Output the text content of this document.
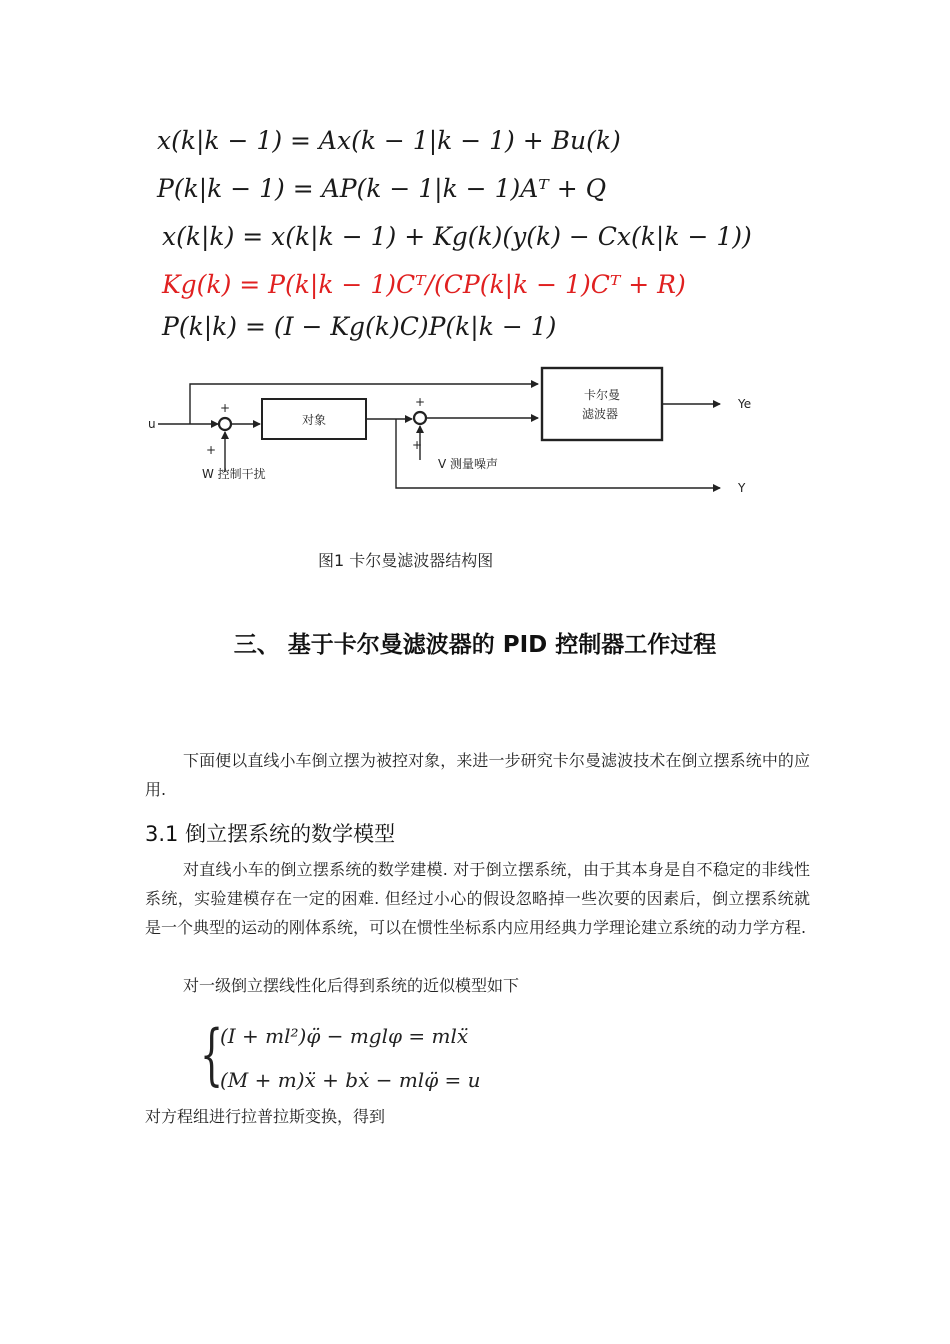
x(k|k − 1) = Ax(k − 1|k − 1) + Bu(k)
P(k|k − 1) = AP(k − 1|k − 1)Aᵀ + Q
x(k|k) = x(k|k − 1) + Kg(k)(y(k) − Cx(k|k − 1))
Kg(k) = P(k|k − 1)Cᵀ/(CP(k|k − 1)Cᵀ + R)
P(k|k) = (I − Kg(k)C)P(k|k − 1)
u
+
+
对象
+
+
卡尔曼
滤波器
Ye
Y
W 控制干扰
V 测量噪声
图1 卡尔曼滤波器结构图
三、 基于卡尔曼滤波器的 PID 控制器工作过程
下面便以直线小车倒立摆为被控对象，来进一步研究卡尔曼滤波技术在倒立摆系统中的应用.
3.1 倒立摆系统的数学模型
对直线小车的倒立摆系统的数学建模. 对于倒立摆系统，由于其本身是自不稳定的非线性系统，实验建模存在一定的困难. 但经过小心的假设忽略掉一些次要的因素后，倒立摆系统就是一个典型的运动的刚体系统，可以在惯性坐标系内应用经典力学理论建立系统的动力学方程.
对一级倒立摆线性化后得到系统的近似模型如下
{
(I + ml²)φ̈ − mglφ = mlẍ
(M + m)ẍ + bẋ − mlφ̈ = u
对方程组进行拉普拉斯变换，得到
